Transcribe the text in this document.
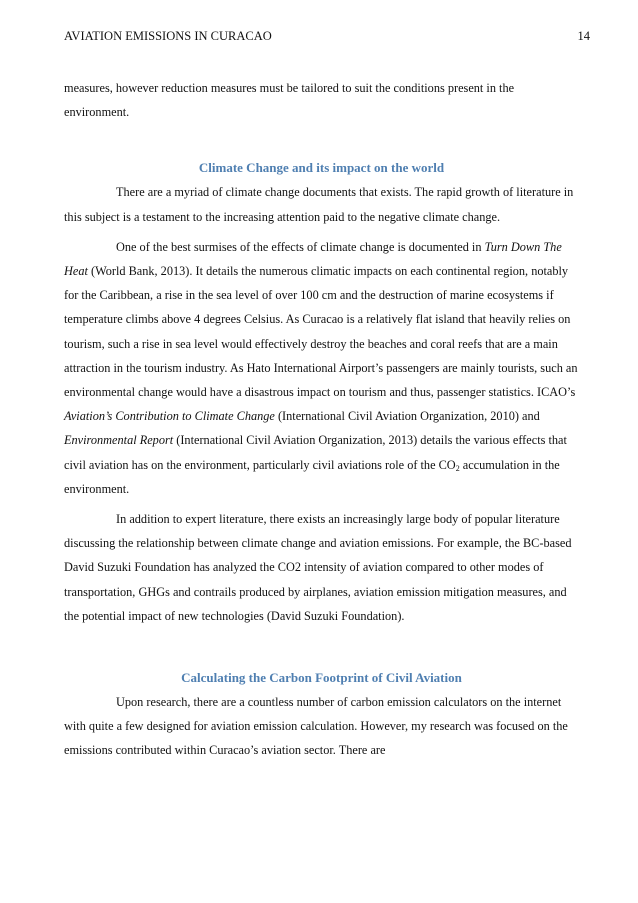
AVIATION EMISSIONS IN CURACAO	14

measures, however reduction measures must be tailored to suit the conditions present in the environment.

Climate Change and its impact on the world

There are a myriad of climate change documents that exists. The rapid growth of literature in this subject is a testament to the increasing attention paid to the negative climate change.

One of the best surmises of the effects of climate change is documented in Turn Down The Heat (World Bank, 2013). It details the numerous climatic impacts on each continental region, notably for the Caribbean, a rise in the sea level of over 100 cm and the destruction of marine ecosystems if temperature climbs above 4 degrees Celsius. As Curacao is a relatively flat island that heavily relies on tourism, such a rise in sea level would effectively destroy the beaches and coral reefs that are a main attraction in the tourism industry. As Hato International Airport’s passengers are mainly tourists, such an environmental change would have a disastrous impact on tourism and thus, passenger statistics. ICAO’s Aviation’s Contribution to Climate Change (International Civil Aviation Organization, 2010) and Environmental Report (International Civil Aviation Organization, 2013) details the various effects that civil aviation has on the environment, particularly civil aviations role of the $CO_2$ accumulation in the environment.

In addition to expert literature, there exists an increasingly large body of popular literature discussing the relationship between climate change and aviation emissions. For example, the BC-based David Suzuki Foundation has analyzed the CO2 intensity of aviation compared to other modes of transportation, GHGs and contrails produced by airplanes, aviation emission mitigation measures, and the potential impact of new technologies (David Suzuki Foundation).

Calculating the Carbon Footprint of Civil Aviation

Upon research, there are a countless number of carbon emission calculators on the internet with quite a few designed for aviation emission calculation. However, my research was focused on the emissions contributed within Curacao’s aviation sector. There are
